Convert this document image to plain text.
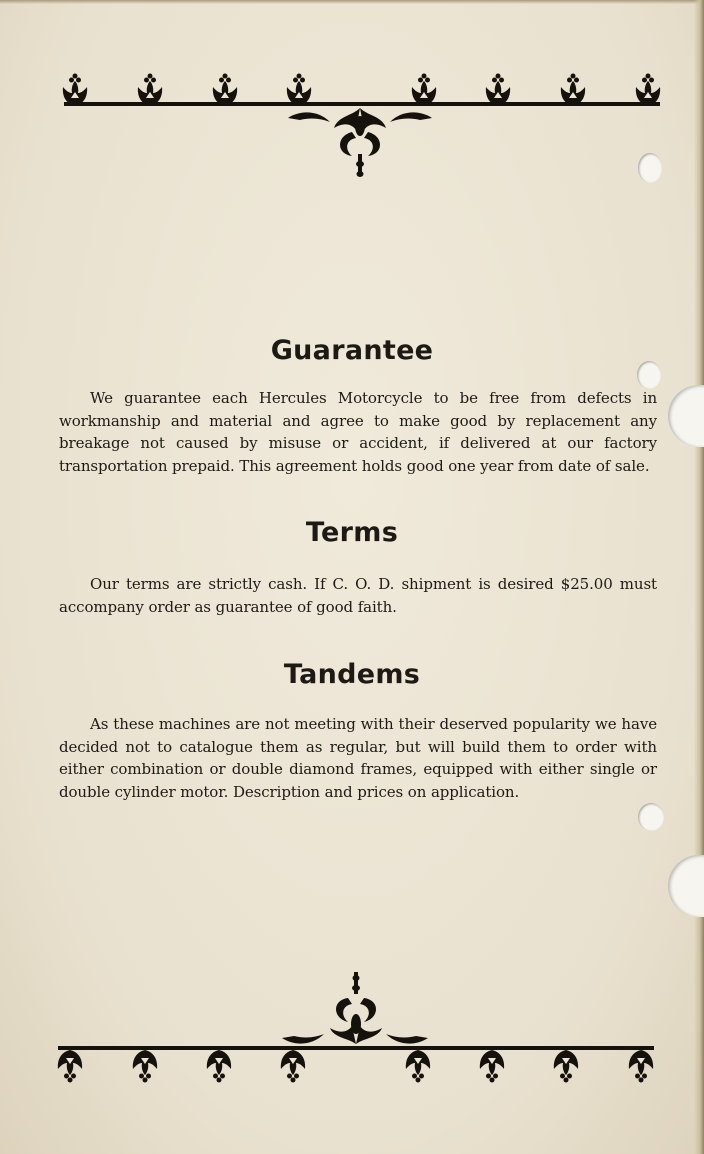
Guarantee

We guarantee each Hercules Motorcycle to be free from defects in workmanship and material and agree to make good by replacement any breakage not caused by misuse or accident, if delivered at our factory transportation prepaid. This agreement holds good one year from date of sale.

Terms

Our terms are strictly cash. If C. O. D. shipment is desired $25.00 must accompany order as guarantee of good faith.

Tandems

As these machines are not meeting with their deserved popularity we have decided not to catalogue them as regular, but will build them to order with either combination or double diamond frames, equipped with either single or double cylinder motor. Description and prices on application.
